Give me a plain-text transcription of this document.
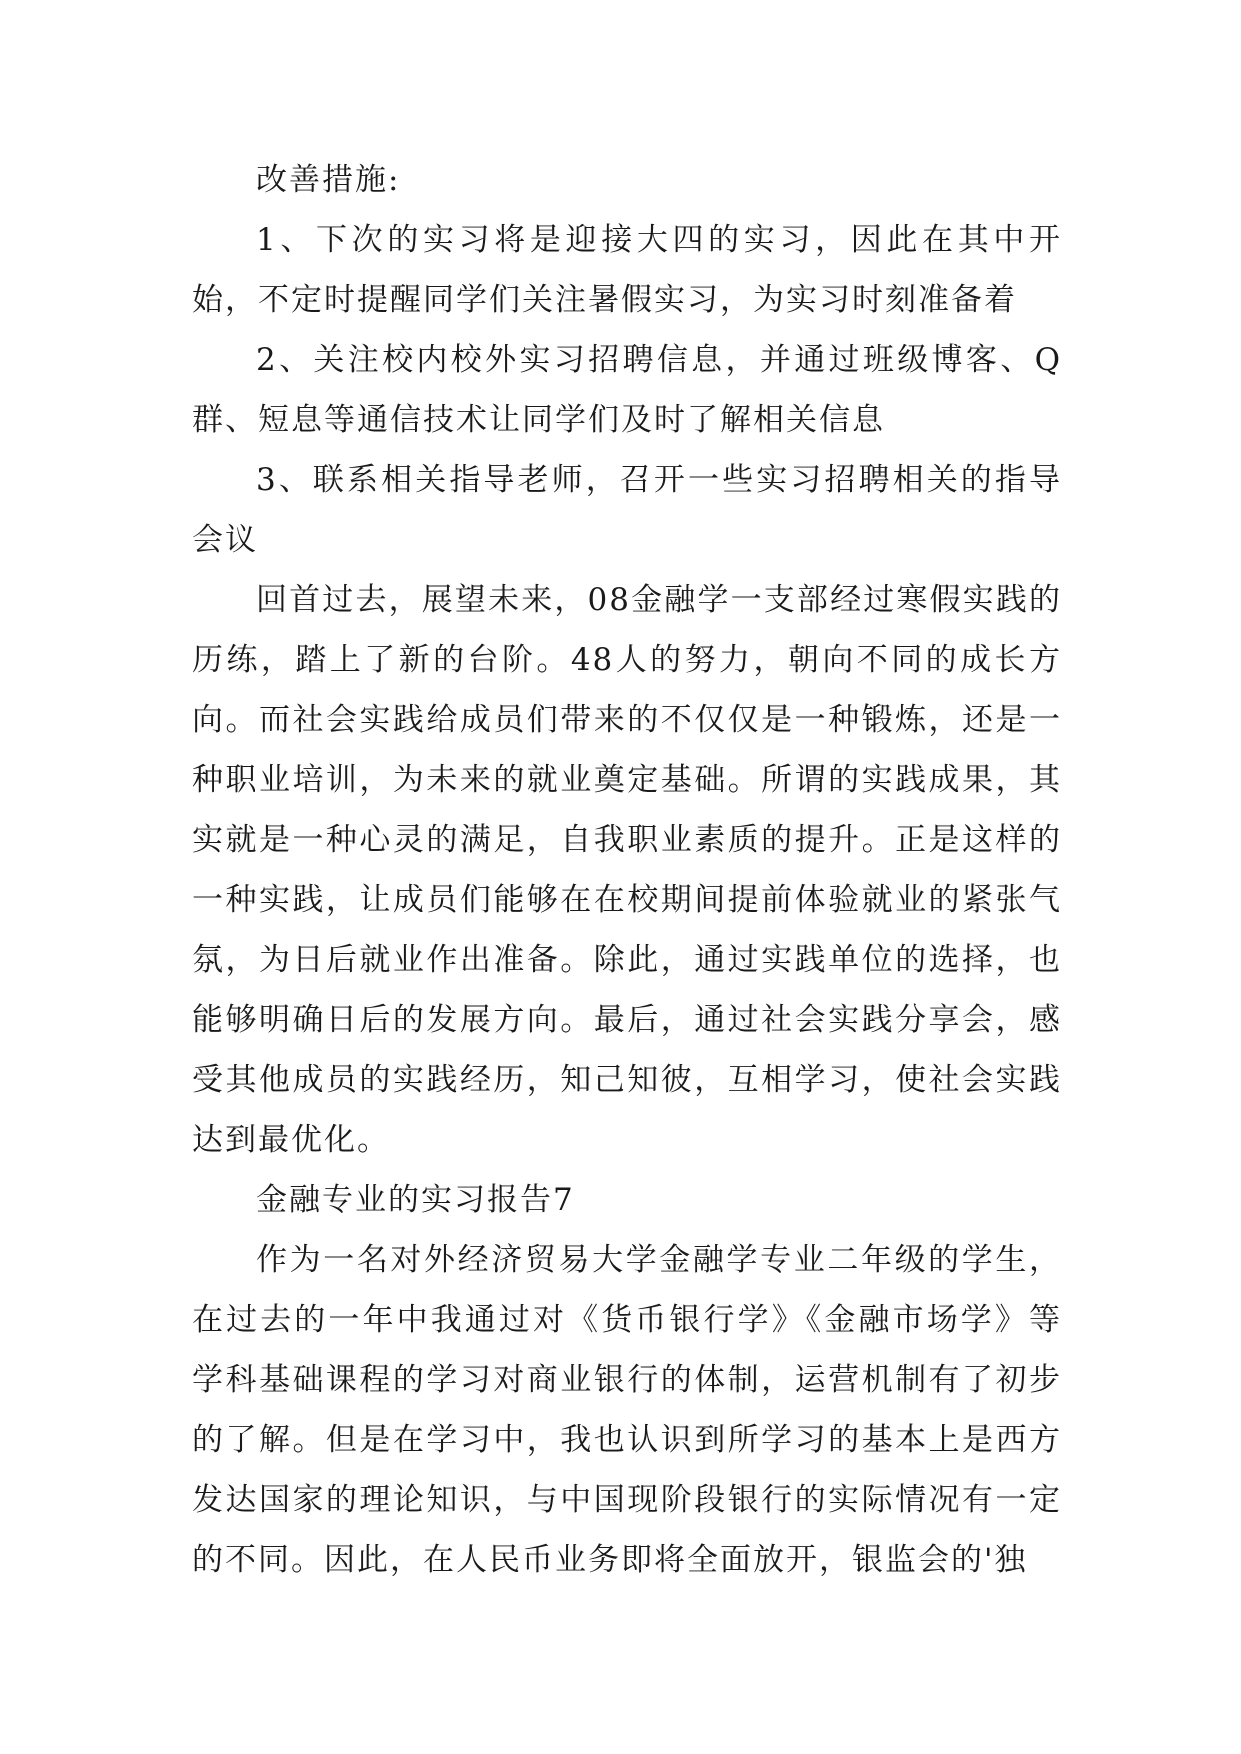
改善措施:

1、下次的实习将是迎接大四的实习，因此在其中开始，不定时提醒同学们关注暑假实习，为实习时刻准备着

2、关注校内校外实习招聘信息，并通过班级博客、Q群、短息等通信技术让同学们及时了解相关信息

3、联系相关指导老师，召开一些实习招聘相关的指导会议

回首过去，展望未来，08金融学一支部经过寒假实践的历练，踏上了新的台阶。48人的努力，朝向不同的成长方向。而社会实践给成员们带来的不仅仅是一种锻炼，还是一种职业培训，为未来的就业奠定基础。所谓的实践成果，其实就是一种心灵的满足，自我职业素质的提升。正是这样的一种实践，让成员们能够在在校期间提前体验就业的紧张气氛，为日后就业作出准备。除此，通过实践单位的选择，也能够明确日后的发展方向。最后，通过社会实践分享会，感受其他成员的实践经历，知己知彼，互相学习，使社会实践达到最优化。

金融专业的实习报告7

作为一名对外经济贸易大学金融学专业二年级的学生，在过去的一年中我通过对《货币银行学》《金融市场学》等学科基础课程的学习对商业银行的体制，运营机制有了初步的了解。但是在学习中，我也认识到所学习的基本上是西方发达国家的理论知识，与中国现阶段银行的实际情况有一定的不同。因此，在人民币业务即将全面放开，银监会的'独
